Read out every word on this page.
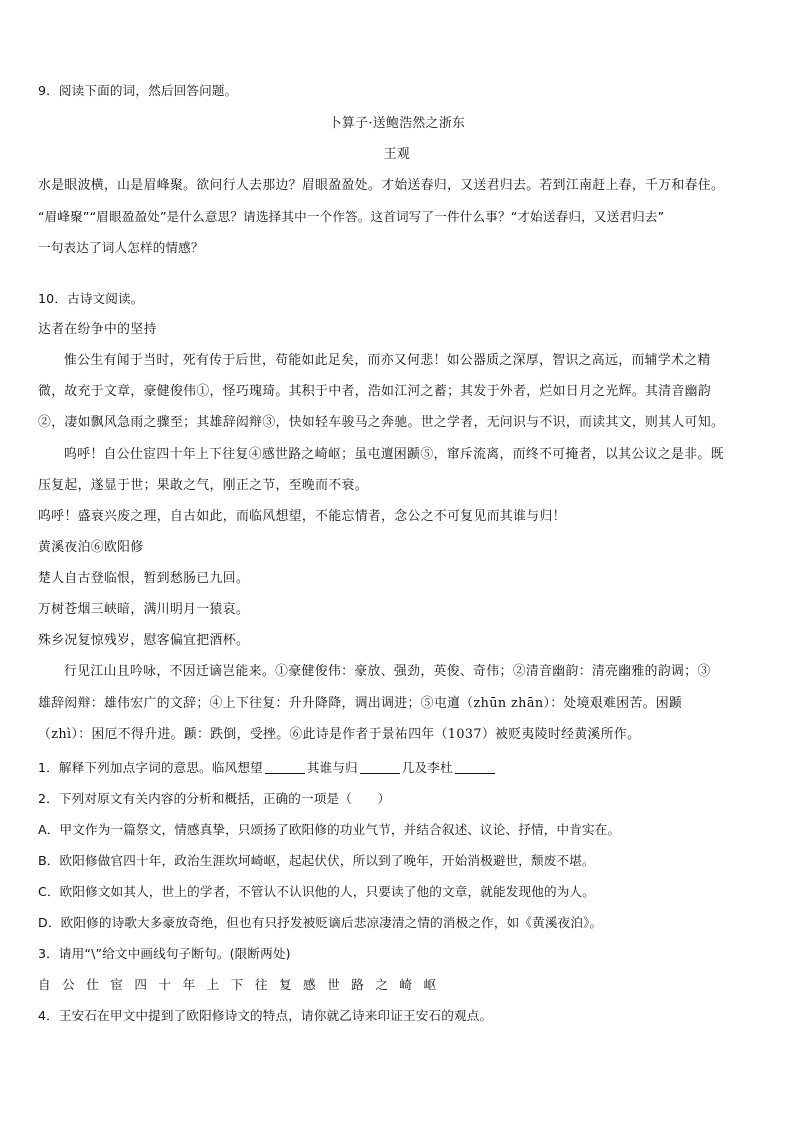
9．阅读下面的词，然后回答问题。
卜算子·送鲍浩然之浙东
王观
水是眼波横，山是眉峰聚。欲问行人去那边？眉眼盈盈处。才始送春归，又送君归去。若到江南赶上春，千万和春住。
“眉峰聚”“眉眼盈盈处”是什么意思？请选择其中一个作答。这首词写了一件什么事？“才始送春归，又送君归去”
一句表达了词人怎样的情感？
10．古诗文阅读。
达者在纷争中的坚持
惟公生有闻于当时，死有传于后世，苟能如此足矣，而亦又何悲！如公器质之深厚，智识之高远，而辅学术之精
微，故充于文章，豪健俊伟①，怪巧瑰琦。其积于中者，浩如江河之蓄；其发于外者，烂如日月之光辉。其清音幽韵
②，凄如飘风急雨之骤至；其雄辞闳辩③，快如轻车骏马之奔驰。世之学者，无问识与不识，而读其文，则其人可知。
呜呼！自公仕宦四十年上下往复④感世路之崎岖；虽屯邅困踬⑤，窜斥流离，而终不可掩者，以其公议之是非。既
压复起，遂显于世；果敢之气，刚正之节，至晚而不衰。
呜呼！盛衰兴废之理，自古如此，而临风想望，不能忘情者，念公之不可复见而其谁与归！
黄溪夜泊⑥欧阳修
楚人自古登临恨，暂到愁肠已九回。
万树苍烟三峡暗，满川明月一猿哀。
殊乡况复惊残岁，慰客偏宜把酒杯。
行见江山且吟咏，不因迁谪岂能来。①豪健俊伟：豪放、强劲，英俊、奇伟；②清音幽韵：清亮幽雅的韵调；③
雄辞闳辩：雄伟宏广的文辞；④上下往复：升升降降，调出调进；⑤屯邅（zhūn zhān）：处境艰难困苦。困踬
（zhì）：困厄不得升进。踬：跌倒，受挫。⑥此诗是作者于景祐四年（1037）被贬夷陵时经黄溪所作。
1．解释下列加点字词的意思。临风想望	其谁与归	几及李杜
2．下列对原文有关内容的分析和概括，正确的一项是（　　）
A．甲文作为一篇祭文，情感真挚，只颂扬了欧阳修的功业气节，并结合叙述、议论、抒情，中肯实在。
B．欧阳修做官四十年，政治生涯坎坷崎岖，起起伏伏，所以到了晚年，开始消极避世，颓废不堪。
C．欧阳修文如其人，世上的学者，不管认不认识他的人，只要读了他的文章，就能发现他的为人。
D．欧阳修的诗歌大多豪放奇绝，但也有只抒发被贬谪后悲凉凄清之情的消极之作，如《黄溪夜泊》。
3．请用“\”给文中画线句子断句。(限断两处)
自公仕宦四十年上下往复感世路之崎岖
4．王安石在甲文中提到了欧阳修诗文的特点，请你就乙诗来印证王安石的观点。
